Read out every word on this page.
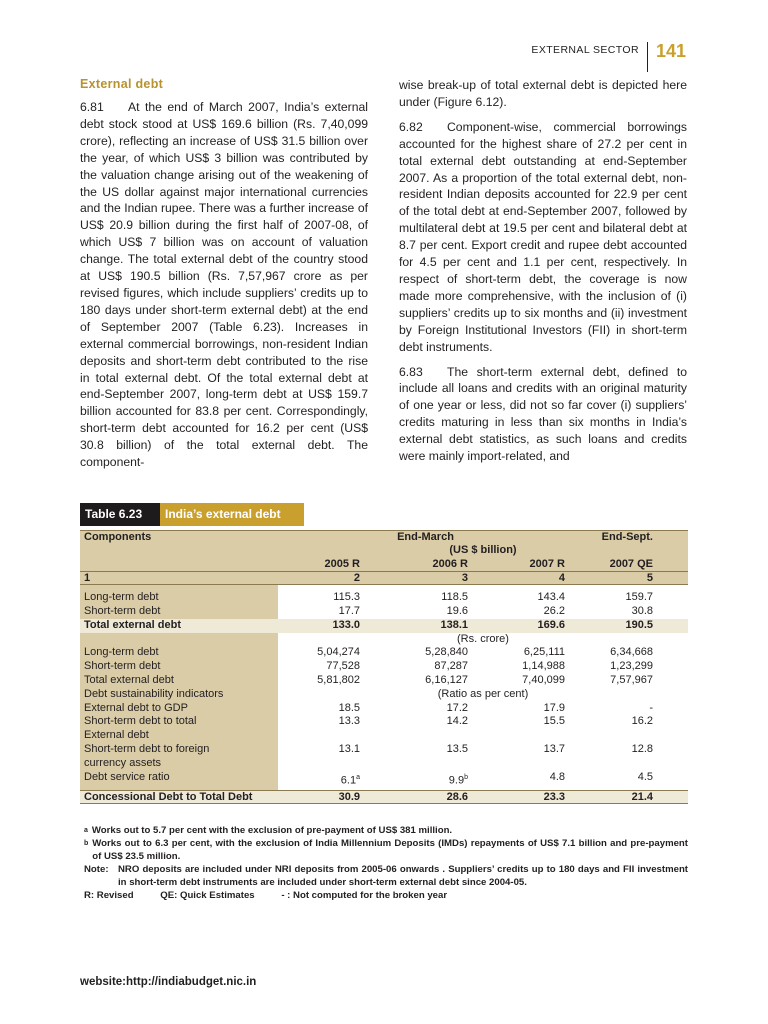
EXTERNAL SECTOR 141
External debt

6.81 At the end of March 2007, India’s external debt stock stood at US$ 169.6 billion (Rs. 7,40,099 crore), reflecting an increase of US$ 31.5 billion over the year, of which US$ 3 billion was contributed by the valuation change arising out of the weakening of the US dollar against major international currencies and the Indian rupee. There was a further increase of US$ 20.9 billion during the first half of 2007-08, of which US$ 7 billion was on account of valuation change. The total external debt of the country stood at US$ 190.5 billion (Rs. 7,57,967 crore as per revised figures, which include suppliers’ credits up to 180 days under short-term external debt) at the end of September 2007 (Table 6.23). Increases in external commercial borrowings, non-resident Indian deposits and short-term debt contributed to the rise in total external debt. Of the total external debt at end-September 2007, long-term debt at US$ 159.7 billion accounted for 83.8 per cent. Correspondingly, short-term debt accounted for 16.2 per cent (US$ 30.8 billion) of the total external debt. The component-

wise break-up of total external debt is depicted here under (Figure 6.12).

6.82 Component-wise, commercial borrowings accounted for the highest share of 27.2 per cent in total external debt outstanding at end-September 2007. As a proportion of the total external debt, non-resident Indian deposits accounted for 22.9 per cent of the total debt at end-September 2007, followed by multilateral debt at 19.5 per cent and bilateral debt at 8.7 per cent. Export credit and rupee debt accounted for 4.5 per cent and 1.1 per cent, respectively. In respect of short-term debt, the coverage is now made more comprehensive, with the inclusion of (i) suppliers’ credits up to six months and (ii) investment by Foreign Institutional Investors (FII) in short-term debt instruments.

6.83 The short-term external debt, defined to include all loans and credits with an original maturity of one year or less, did not so far cover (i) suppliers’ credits maturing in less than six months in India’s external debt statistics, as such loans and credits were mainly import-related, and

Table 6.23	India’s external debt
Components	End-March	End-Sept.
(US $ billion)
2005 R	2006 R	2007 R	2007 QE
1	2	3	4	5
Long-term debt	115.3	118.5	143.4	159.7
Short-term debt	17.7	19.6	26.2	30.8
Total external debt	133.0	138.1	169.6	190.5
(Rs. crore)
Long-term debt	5,04,274	5,28,840	6,25,111	6,34,668
Short-term debt	77,528	87,287	1,14,988	1,23,299
Total external debt	5,81,802	6,16,127	7,40,099	7,57,967
Debt sustainability indicators	(Ratio as per cent)
External debt to GDP	18.5	17.2	17.9	-
Short-term debt to total	13.3	14.2	15.5	16.2
External debt
Short-term debt to foreign	13.1	13.5	13.7	12.8
currency assets
Debt service ratio	6.1$^a$	9.9$^b$	4.8	4.5
Concessional Debt to Total Debt	30.9	28.6	23.3	21.4
a Works out to 5.7 per cent with the exclusion of pre-payment of US$ 381 million.
b Works out to 6.3 per cent, with the exclusion of India Millennium Deposits (IMDs) repayments of US$ 7.1 billion and pre-payment of US$ 23.5 million.
Note: NRO deposits are included under NRI deposits from 2005-06 onwards . Suppliers’ credits up to 180 days and FII investment in short-term debt instruments are included under short-term external debt since 2004-05.
R: Revised	QE: Quick Estimates	- : Not computed for the broken year
website:http://indiabudget.nic.in
